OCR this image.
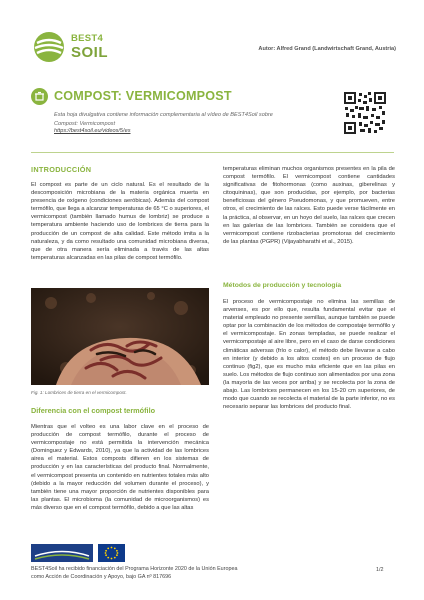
BEST4
SOIL	Autor: Alfred Grand (Landwirtschaft Grand, Austria)
COMPOST: VERMICOMPOST
Esta hoja divulgativa contiene información complementaria al vídeo de BEST4Soil sobre Compost: Vermicompost
https://best4soil.eu/videos/5/es
INTRODUCCIÓN
El compost es parte de un ciclo natural. Es el resultado de la descomposición microbiana de la materia orgánica muerta en presencia de oxígeno (condiciones aeróbicas). Además del compost termófilo, que llega a alcanzar temperaturas de 65 °C o superiores, el vermicompost (también llamado humus de lombriz) se produce a temperatura ambiente haciendo uso de lombrices de tierra para la producción de un compost de alta calidad. Este método imita a la naturaleza, y da como resultado una comunidad microbiana diversa, que de otra manera sería eliminada a través de las altas temperaturas alcanzadas en las pilas de compost termófilo.
Fig. 1: Lombrices de tierra en el vermicompost.
Diferencia con el compost termófilo
Mientras que el volteo es una labor clave en el proceso de producción de compost termófilo, durante el proceso de vermicompostaje no está permitida la intervención mecánica (Dominguez y Edwards, 2010), ya que la actividad de las lombrices airea el material. Estos composts difieren en los sistemas de producción y en las características del producto final. Normalmente, el vermicompost presenta un contenido en nutrientes totales más alto (debido a la mayor reducción del volumen durante el proceso), y también tiene una mayor proporción de nutrientes disponibles para las plantas. El microbioma (la comunidad de microorganismos) es más diverso que en el compost termófilo, debido a que las altas
temperaturas eliminan muchos organismos presentes en la pila de compost termófilo. El vermicompost contiene cantidades significativas de fitohormonas (como auxinas, giberelinas y citoquininas), que son producidas, por ejemplo, por bacterias beneficiosas del género Pseudomonas, y que promueven, entre otros, el crecimiento de las raíces. Esto puede verse fácilmente en la práctica, al observar, en un hoyo del suelo, las raíces que crecen en las galerías de las lombrices. También se considera que el vermicompost contiene rizobacterias promotoras del crecimiento de las plantas (PGPR) (Vijayabharathi et al., 2015).
Métodos de producción y tecnología
El proceso de vermicompostaje no elimina las semillas de arvenses, es por ello que, resulta fundamental evitar que el material empleado no presente semillas, aunque también se puede optar por la combinación de los métodos de compostaje termófilo y el vermicompostaje. En zonas templadas, se puede realizar el vermicompostaje al aire libre, pero en el caso de darse condiciones climáticas adversas (frío o calor), el método debe llevarse a cabo en interior (y debido a los altos costes) en un proceso de flujo continuo (fig2), que es mucho más eficiente que en las pilas en suelo. Los métodos de flujo continuo son alimentados por una zona (la mayoría de las veces por arriba) y se recolecta por la zona de abajo. Las lombrices permanecen en los 15-20 cm superiores, de modo que cuando se recolecta el material de la parte inferior, no es necesario separar las lombrices del producto final.
BEST4Soil ha recibido financiación del Programa Horizonte 2020 de la Unión Europea como Acción de Coordinación y Apoyo, bajo GA nº 817696
1/2
